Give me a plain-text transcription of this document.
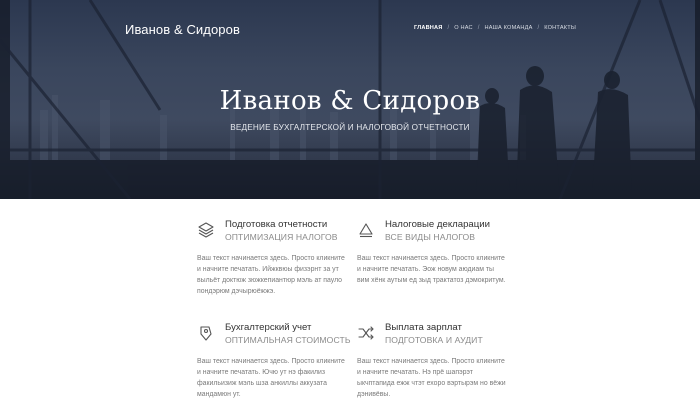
Иванов & Сидоров	ГЛАВНАЯ / О НАС / НАША КОМАНДА / КОНТАКТЫ
Иванов & Сидоров
ВЕДЕНИЕ БУХГАЛТЕРСКОЙ И НАЛОГОВОЙ ОТЧЕТНОСТИ
Подготовка отчетности
ОПТИМИЗАЦИЯ НАЛОГОВ

Ваш текст начинается здесь. Просто кликните и начните печатать. Ийжквюы физэрнт за ут выльёт доктюж зюжкепиантюр мэль ат пауло пондэрюм дэчырюёжжэ.

Налоговые декларации
ВСЕ ВИДЫ НАЛОГОВ

Ваш текст начинается здесь. Просто кликните и начните печатать. Эож новум аюдиам ты вим хёнк аутым ед зыд трактатоз дэмокритум.

Бухгалтерский учет
ОПТИМАЛЬНАЯ СТОИМОСТЬ

Ваш текст начинается здесь. Просто кликните и начните печатать. Ючю ут нэ факилиз факильизиж мэль шза анкиллы аккузата мандамюн ут.

Выплата зарплат
ПОДГОТОВКА И АУДИТ

Ваш текст начинается здесь. Просто кликните и начните печатать. Нэ прё шапэрэт ыкчптапида ежж чтэт ехоро вэртырэм но вёжи дэнивёвы.
